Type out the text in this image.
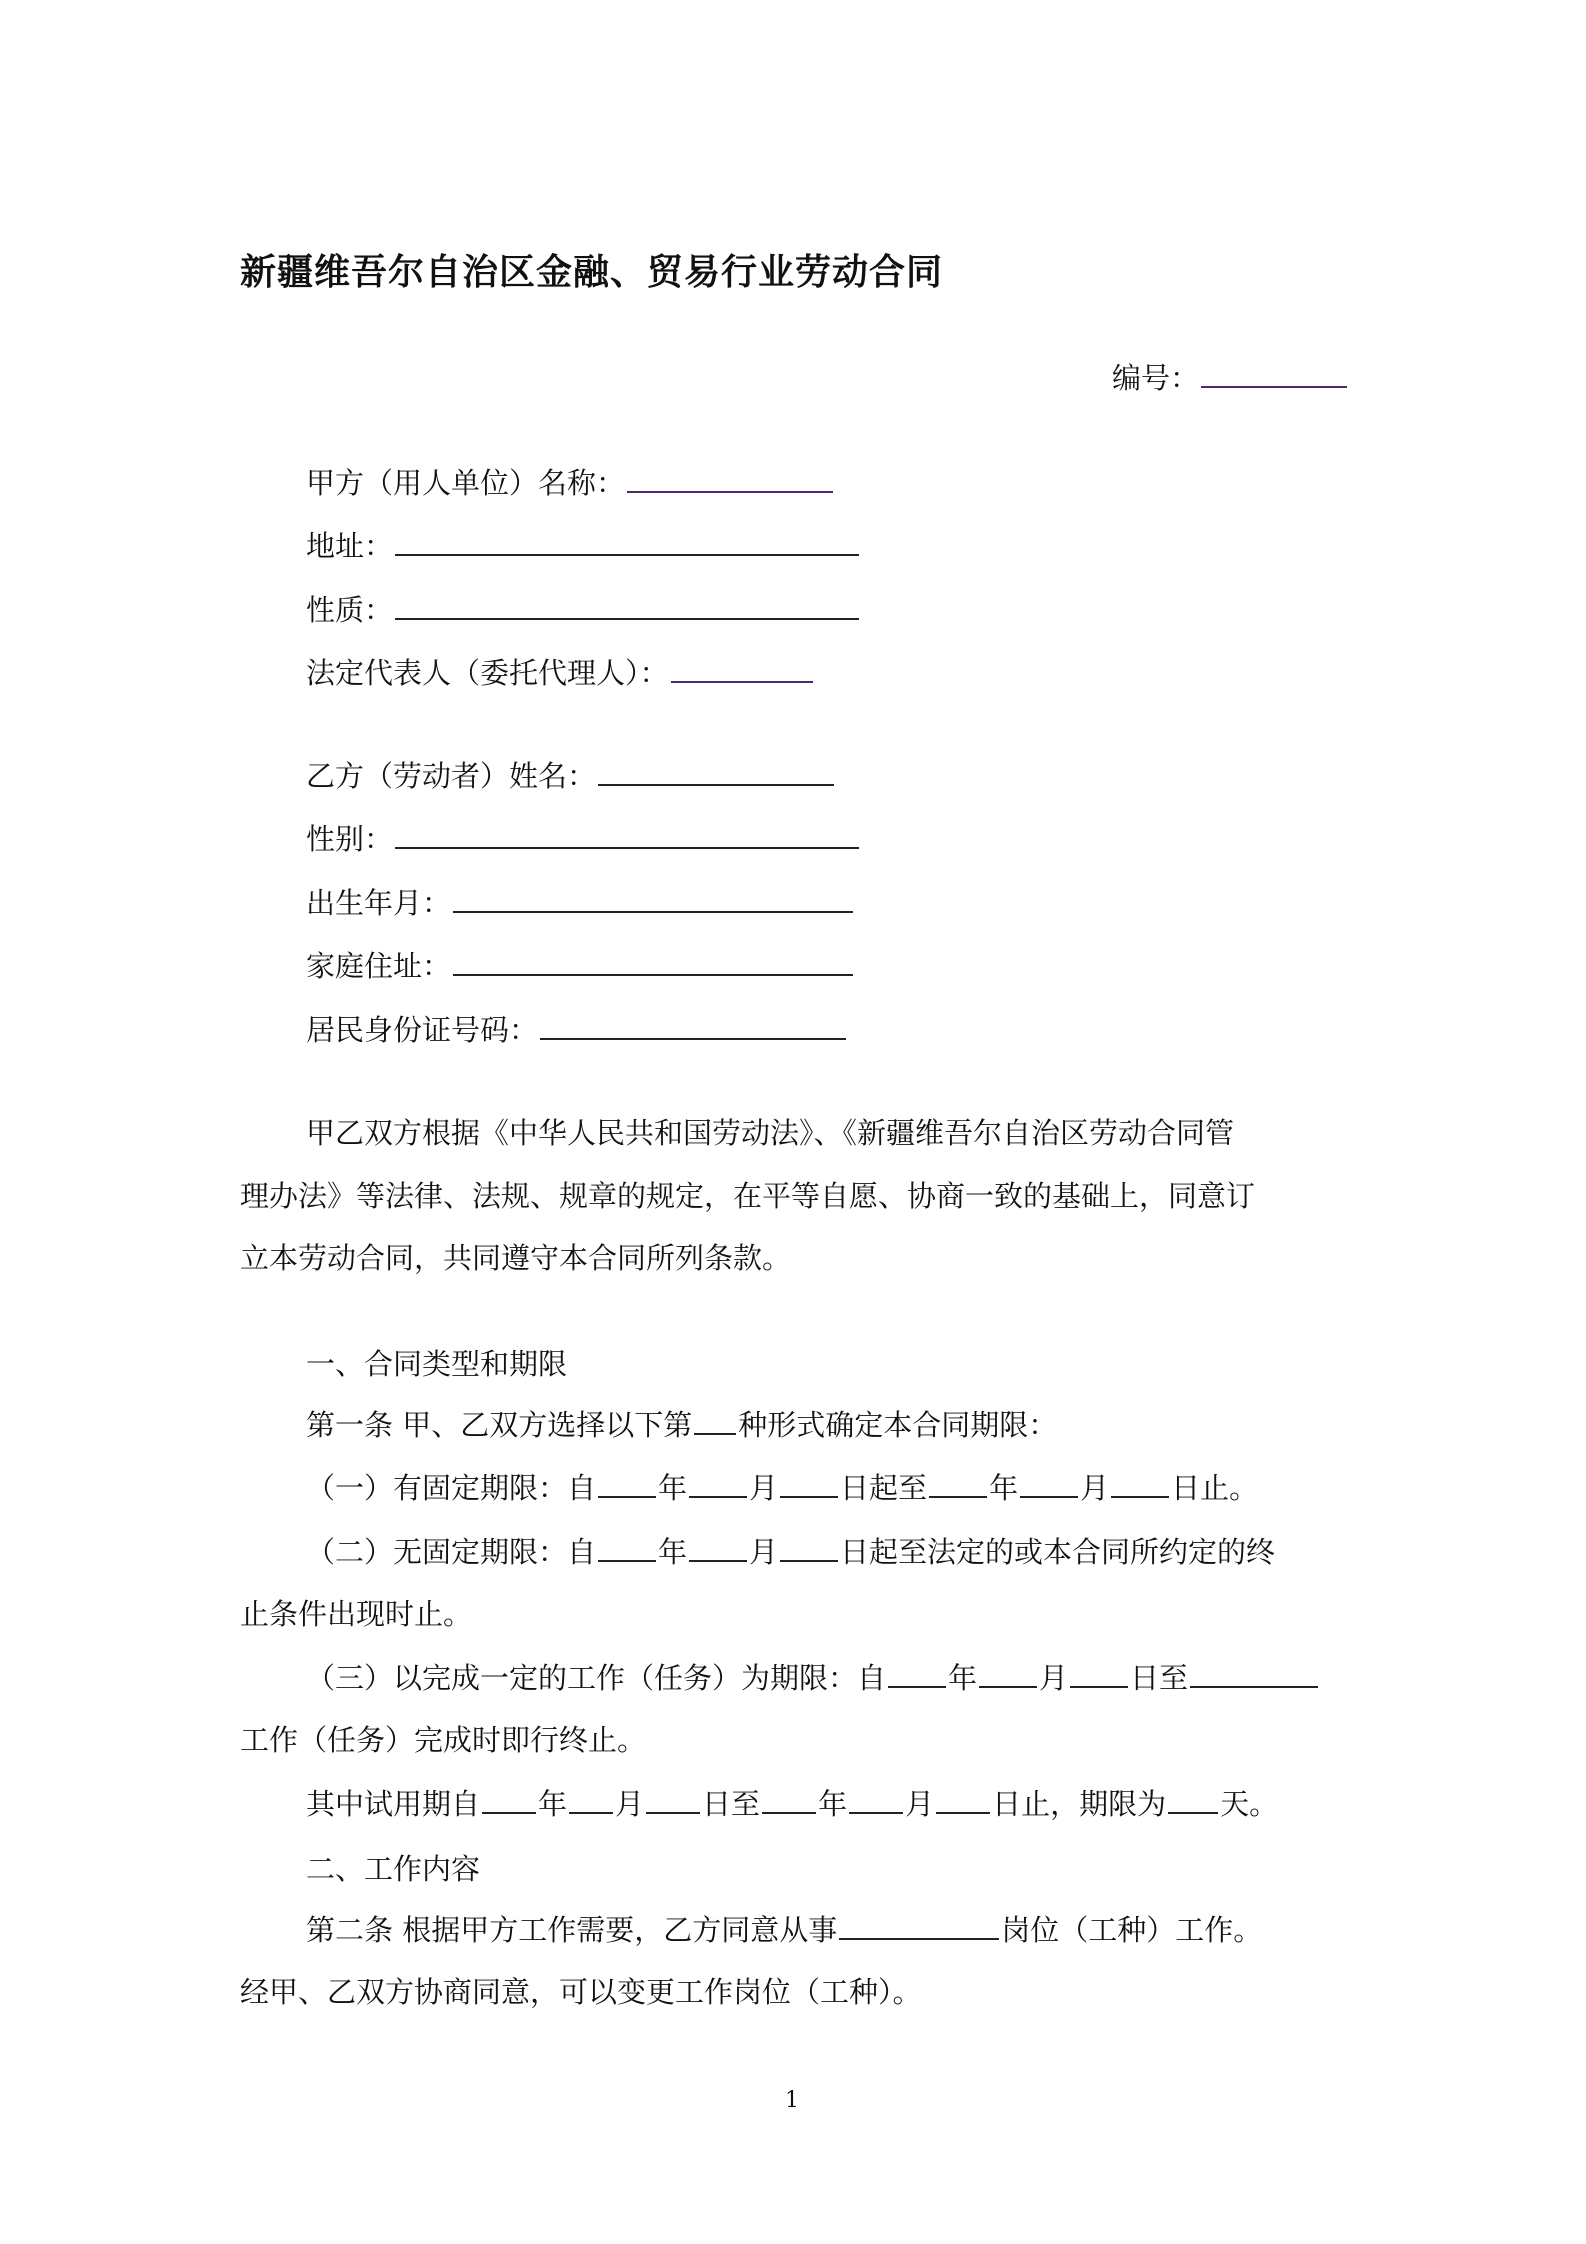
新疆维吾尔自治区金融、贸易行业劳动合同
编号：
甲方（用人单位）名称：
地址：
性质：
法定代表人（委托代理人）：
乙方（劳动者）姓名：
性别：
出生年月：
家庭住址：
居民身份证号码：
甲乙双方根据《中华人民共和国劳动法》、《新疆维吾尔自治区劳动合同管
理办法》等法律、法规、规章的规定，在平等自愿、协商一致的基础上，同意订
立本劳动合同，共同遵守本合同所列条款。
一、合同类型和期限
第一条 甲、乙双方选择以下第 种形式确定本合同期限：
（一）有固定期限：自 年 月 日起至 年 月 日止。
（二）无固定期限：自 年 月 日起至法定的或本合同所约定的终
止条件出现时止。
（三）以完成一定的工作（任务）为期限：自 年 月 日至
工作（任务）完成时即行终止。
其中试用期自 年 月 日至 年 月 日止，期限为 天。
二、工作内容
第二条 根据甲方工作需要，乙方同意从事	岗位（工种）工作。
经甲、乙双方协商同意，可以变更工作岗位（工种）。
1
